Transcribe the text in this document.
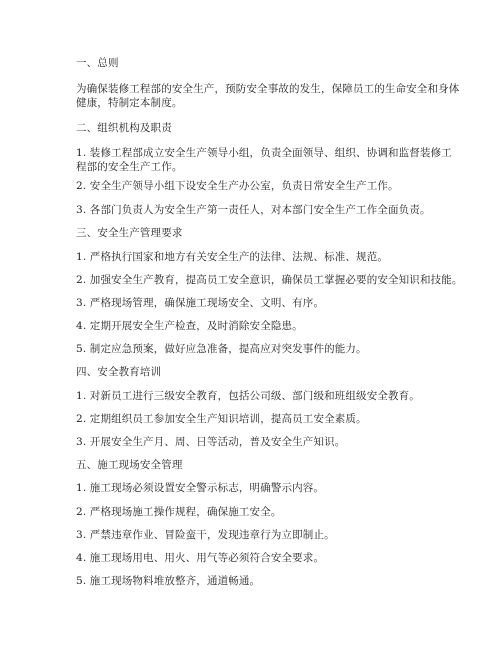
一、总则
为确保装修工程部的安全生产，预防安全事故的发生，保障员工的生命安全和身体
健康，特制定本制度。
二、组织机构及职责
1. 装修工程部成立安全生产领导小组，负责全面领导、组织、协调和监督装修工
程部的安全生产工作。
2. 安全生产领导小组下设安全生产办公室，负责日常安全生产工作。
3. 各部门负责人为安全生产第一责任人，对本部门安全生产工作全面负责。
三、安全生产管理要求
1. 严格执行国家和地方有关安全生产的法律、法规、标准、规范。
2. 加强安全生产教育，提高员工安全意识，确保员工掌握必要的安全知识和技能。
3. 严格现场管理，确保施工现场安全、文明、有序。
4. 定期开展安全生产检查，及时消除安全隐患。
5. 制定应急预案，做好应急准备，提高应对突发事件的能力。
四、安全教育培训
1. 对新员工进行三级安全教育，包括公司级、部门级和班组级安全教育。
2. 定期组织员工参加安全生产知识培训，提高员工安全素质。
3. 开展安全生产月、周、日等活动，普及安全生产知识。
五、施工现场安全管理
1. 施工现场必须设置安全警示标志，明确警示内容。
2. 严格现场施工操作规程，确保施工安全。
3. 严禁违章作业、冒险蛮干，发现违章行为立即制止。
4. 施工现场用电、用火、用气等必须符合安全要求。
5. 施工现场物料堆放整齐，通道畅通。
